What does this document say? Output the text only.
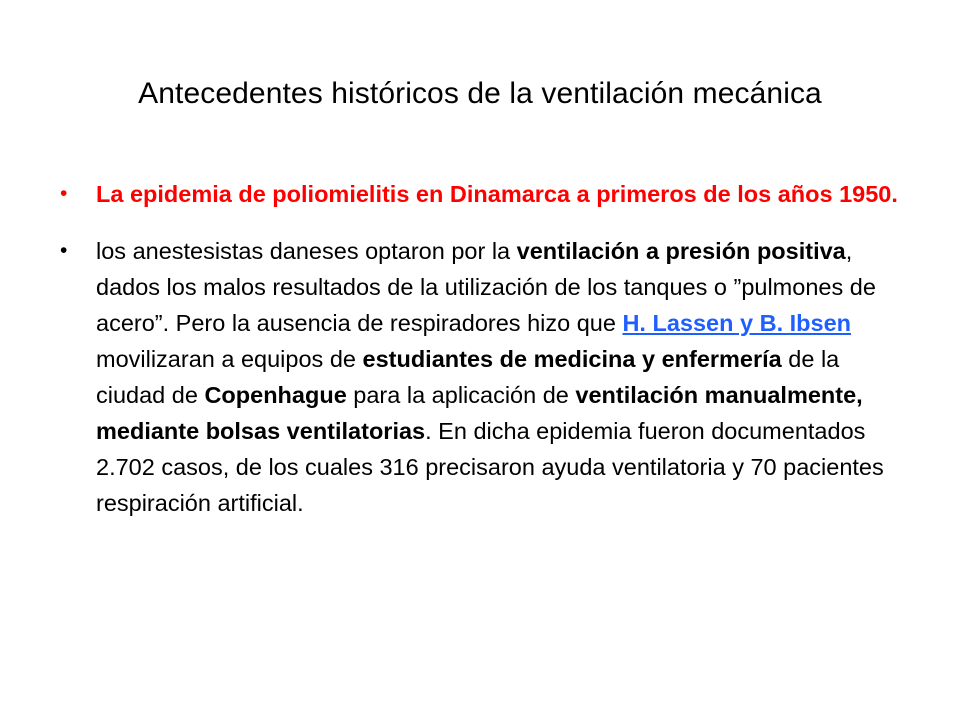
Antecedentes históricos de la ventilación mecánica
• La epidemia de poliomielitis en Dinamarca a primeros de los años 1950.
• los anestesistas daneses optaron por la ventilación a presión positiva, dados los malos resultados de la utilización de los tanques o ”pulmones de acero”. Pero la ausencia de respiradores hizo que H. Lassen y B. Ibsen movilizaran a equipos de estudiantes de medicina y enfermería de la ciudad de Copenhague para la aplicación de ventilación manualmente, mediante bolsas ventilatorias. En dicha epidemia fueron documentados 2.702 casos, de los cuales 316 precisaron ayuda ventilatoria y 70 pacientes respiración artificial.
